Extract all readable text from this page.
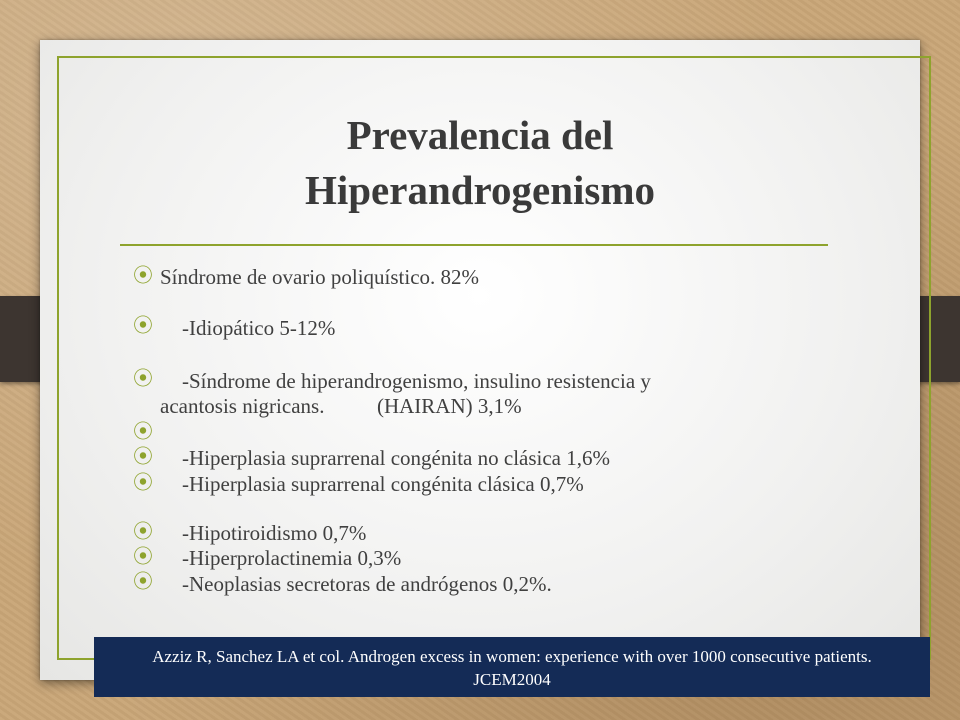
Prevalencia del
Hiperandrogenismo
⦿
⦿
⦿
⦿
⦿
⦿
⦿
⦿
⦿
Síndrome de ovario poliquístico. 82%
-Idiopático 5-12%
-Síndrome de hiperandrogenismo, insulino resistencia y
acantosis nigricans.          (HAIRAN) 3,1%
-Hiperplasia suprarrenal congénita no clásica 1,6%
-Hiperplasia suprarrenal congénita clásica 0,7%
-Hipotiroidismo 0,7%
-Hiperprolactinemia 0,3%
-Neoplasias secretoras de andrógenos 0,2%.
Azziz R, Sanchez LA et col. Androgen excess in women: experience with over 1000 consecutive patients. JCEM2004
